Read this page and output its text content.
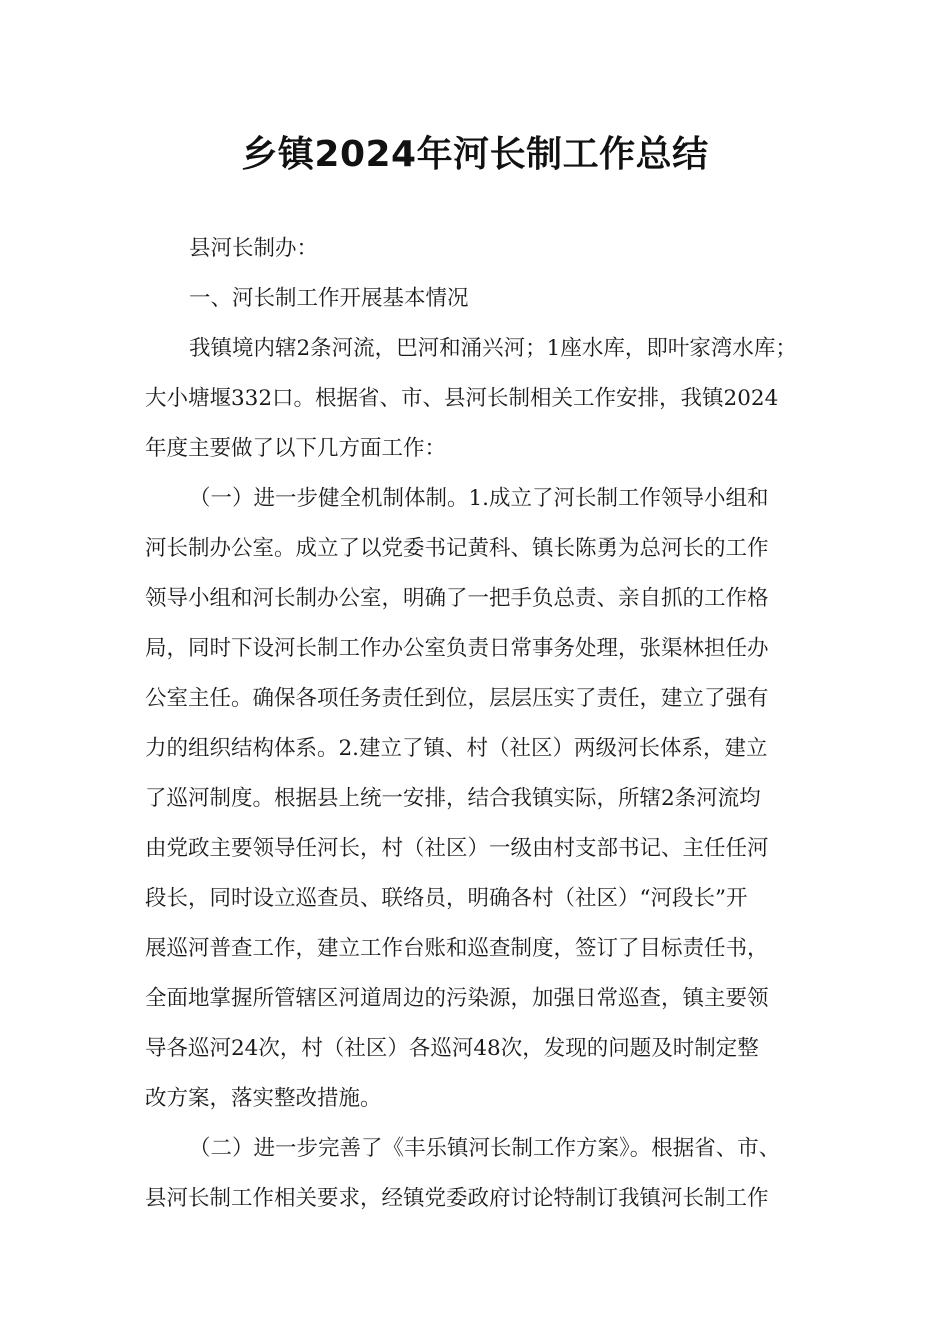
乡镇2024年河长制工作总结
县河长制办：
一、河长制工作开展基本情况
我镇境内辖2条河流，巴河和涌兴河；1座水库，即叶家湾水库；
大小塘堰332口。根据省、市、县河长制相关工作安排，我镇2024
年度主要做了以下几方面工作：
（一）进一步健全机制体制。1.成立了河长制工作领导小组和
河长制办公室。成立了以党委书记黄科、镇长陈勇为总河长的工作
领导小组和河长制办公室，明确了一把手负总责、亲自抓的工作格
局，同时下设河长制工作办公室负责日常事务处理，张渠林担任办
公室主任。确保各项任务责任到位，层层压实了责任，建立了强有
力的组织结构体系。2.建立了镇、村（社区）两级河长体系，建立
了巡河制度。根据县上统一安排，结合我镇实际，所辖2条河流均
由党政主要领导任河长，村（社区）一级由村支部书记、主任任河
段长，同时设立巡查员、联络员，明确各村（社区）“河段长”开
展巡河普查工作，建立工作台账和巡查制度，签订了目标责任书，
全面地掌握所管辖区河道周边的污染源，加强日常巡查，镇主要领
导各巡河24次，村（社区）各巡河48次，发现的问题及时制定整
改方案，落实整改措施。
（二）进一步完善了《丰乐镇河长制工作方案》。根据省、市、
县河长制工作相关要求，经镇党委政府讨论特制订我镇河长制工作
